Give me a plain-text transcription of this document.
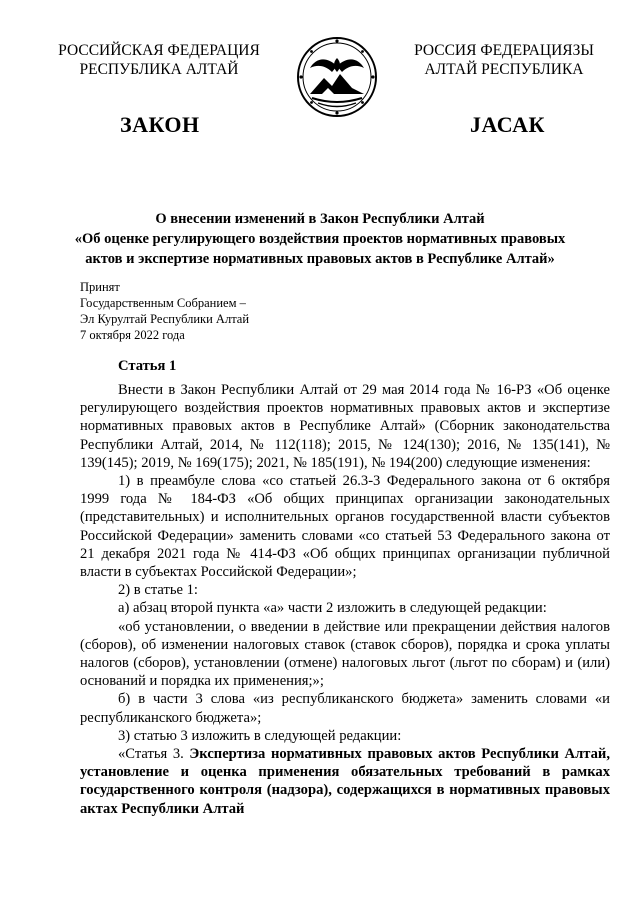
РОССИЙСКАЯ ФЕДЕРАЦИЯ
РЕСПУБЛИКА АЛТАЙ
РОССИЯ ФЕДЕРАЦИЯЗЫ
АЛТАЙ РЕСПУБЛИКА
ЗАКОН	JАСАК
О внесении изменений в Закон Республики Алтай
«Об оценке регулирующего воздействия проектов нормативных правовых
актов и экспертизе нормативных правовых актов в Республике Алтай»
Принят
Государственным Собранием –
Эл Курултай Республики Алтай
7 октября 2022 года
Статья 1

Внести в Закон Республики Алтай от 29 мая 2014 года № 16-РЗ «Об оценке регулирующего воздействия проектов нормативных правовых актов и экспертизе нормативных правовых актов в Республике Алтай» (Сборник законодательства Республики Алтай, 2014, № 112(118); 2015, № 124(130); 2016, № 135(141), № 139(145); 2019, № 169(175); 2021, № 185(191), № 194(200) следующие изменения:

1) в преамбуле слова «со статьей 26.3-3 Федерального закона от 6 октября 1999 года № 184-ФЗ «Об общих принципах организации законодательных (представительных) и исполнительных органов государственной власти субъектов Российской Федерации» заменить словами «со статьей 53 Федерального закона от 21 декабря 2021 года № 414-ФЗ «Об общих принципах организации публичной власти в субъектах Российской Федерации»;

2) в статье 1:

а) абзац второй пункта «а» части 2 изложить в следующей редакции:

«об установлении, о введении в действие или прекращении действия налогов (сборов), об изменении налоговых ставок (ставок сборов), порядка и срока уплаты налогов (сборов), установлении (отмене) налоговых льгот (льгот по сборам) и (или) оснований и порядка их применения;»;

б) в части 3 слова «из республиканского бюджета» заменить словами «и республиканского бюджета»;

3) статью 3 изложить в следующей редакции:

«Статья 3. Экспертиза нормативных правовых актов Республики Алтай, установление и оценка применения обязательных требований в рамках государственного контроля (надзора), содержащихся в нормативных правовых актах Республики Алтай
